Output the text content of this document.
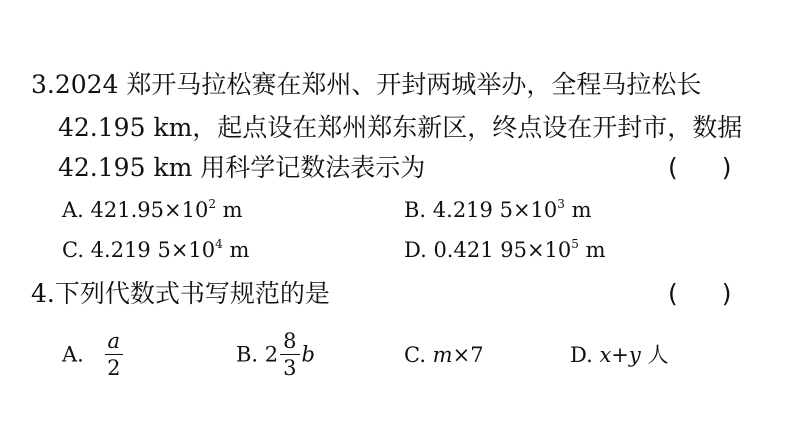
3.2024 郑开马拉松赛在郑州、开封两城举办，全程马拉松长
42.195 km，起点设在郑州郑东新区，终点设在开封市，数据
42.195 km 用科学记数法表示为	( )
A. $421.95\times 10^2$ m	B. 4.219 $5\times 10^3$ m
C. 4.219 $5\times 10^4$ m	D. 0.421 $95\times 10^5$ m
4.下列代数式书写规范的是	( )
A. $\frac{a}{2}$	B. $2 \frac{8}{3}$ b	C. m×7	D. x+y 人
